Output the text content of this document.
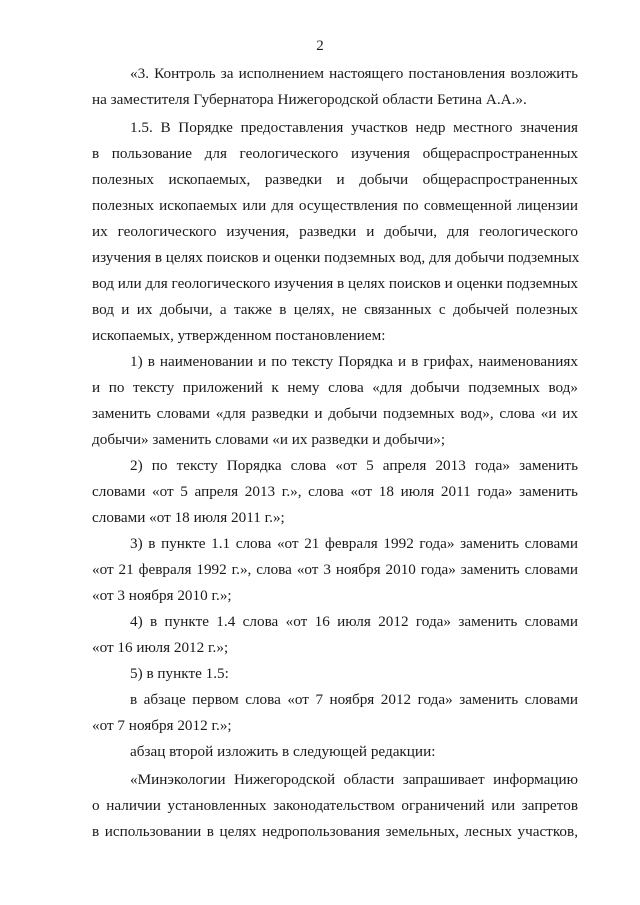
2
«3. Контроль за исполнением настоящего постановления возложить
на заместителя Губернатора Нижегородской области Бетина А.А.».
1.5. В Порядке предоставления участков недр местного значения
в пользование для геологического изучения общераспространенных
полезных ископаемых, разведки и добычи общераспространенных
полезных ископаемых или для осуществления по совмещенной лицензии
их геологического изучения, разведки и добычи, для геологического
изучения в целях поисков и оценки подземных вод, для добычи подземных
вод или для геологического изучения в целях поисков и оценки подземных
вод и их добычи, а также в целях, не связанных с добычей полезных
ископаемых, утвержденном постановлением:
1) в наименовании и по тексту Порядка и в грифах, наименованиях
и по тексту приложений к нему слова «для добычи подземных вод»
заменить словами «для разведки и добычи подземных вод», слова «и их
добычи» заменить словами «и их разведки и добычи»;
2) по тексту Порядка слова «от 5 апреля 2013 года» заменить
словами «от 5 апреля 2013 г.», слова «от 18 июля 2011 года» заменить
словами «от 18 июля 2011 г.»;
3) в пункте 1.1 слова «от 21 февраля 1992 года» заменить словами
«от 21 февраля 1992 г.», слова «от 3 ноября 2010 года» заменить словами
«от 3 ноября 2010 г.»;
4) в пункте 1.4 слова «от 16 июля 2012 года» заменить словами
«от 16 июля 2012 г.»;
5) в пункте 1.5:
в абзаце первом слова «от 7 ноября 2012 года» заменить словами
«от 7 ноября 2012 г.»;
абзац второй изложить в следующей редакции:
«Минэкологии Нижегородской области запрашивает информацию
о наличии установленных законодательством ограничений или запретов
в использовании в целях недропользования земельных, лесных участков,
